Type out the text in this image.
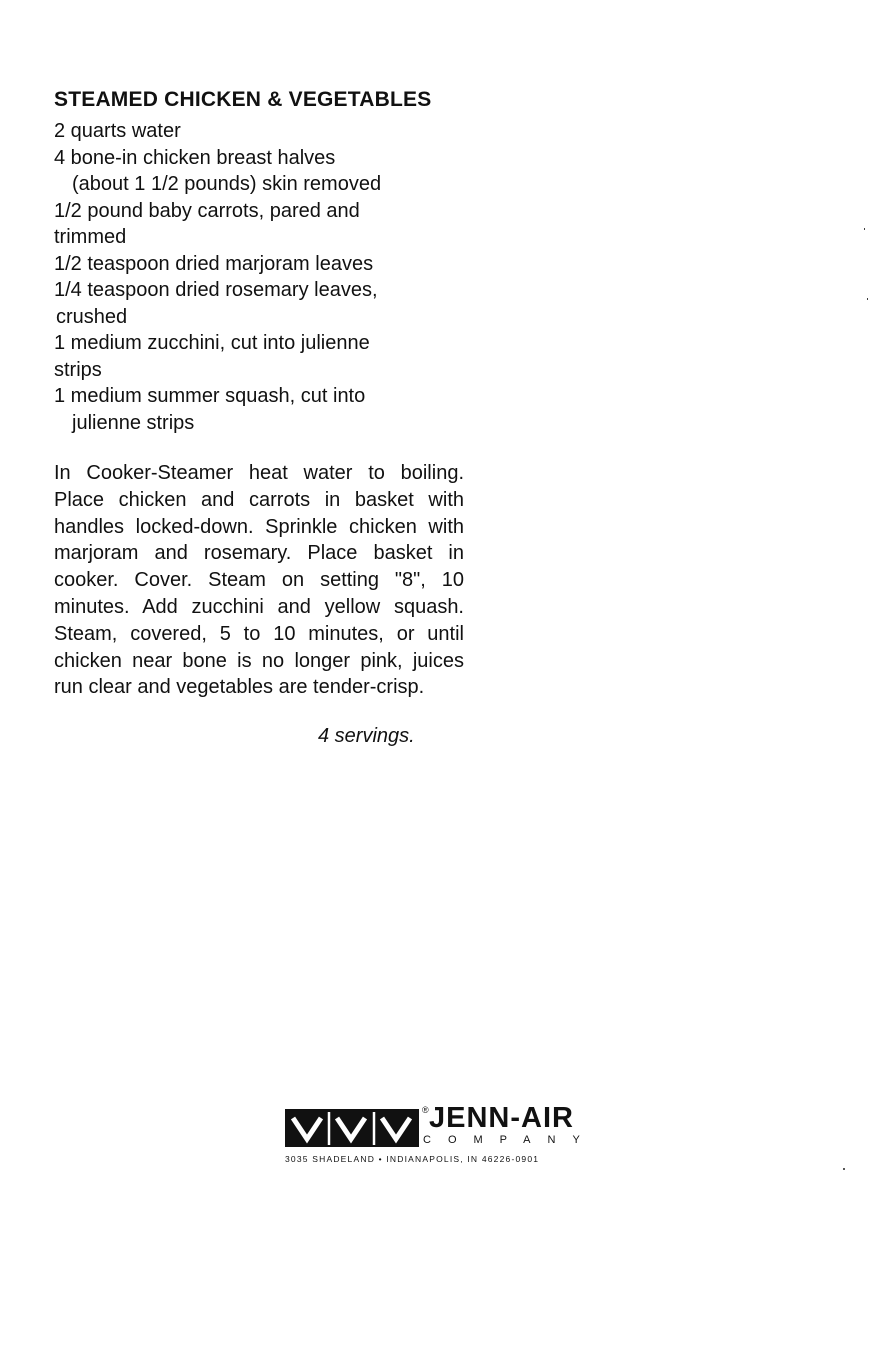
STEAMED CHICKEN & VEGETABLES
2 quarts water
4 bone-in chicken breast halves
(about 1 1/2 pounds) skin removed
1/2 pound baby carrots, pared and
trimmed
1/2 teaspoon dried marjoram leaves
1/4 teaspoon dried rosemary leaves,
crushed
1 medium zucchini, cut into julienne
strips
1 medium summer squash, cut into
julienne strips

In Cooker-Steamer heat water to boiling. Place chicken and carrots in basket with handles locked-down. Sprinkle chicken with marjoram and rosemary. Place basket in cooker. Cover. Steam on setting "8", 10 minutes. Add zucchini and yellow squash. Steam, covered, 5 to 10 minutes, or until chicken near bone is no longer pink, juices run clear and vegetables are tender-crisp.

4 servings.

® JENN-AIR
COMPANY
3035 SHADELAND • INDIANAPOLIS, IN 46226-0901
